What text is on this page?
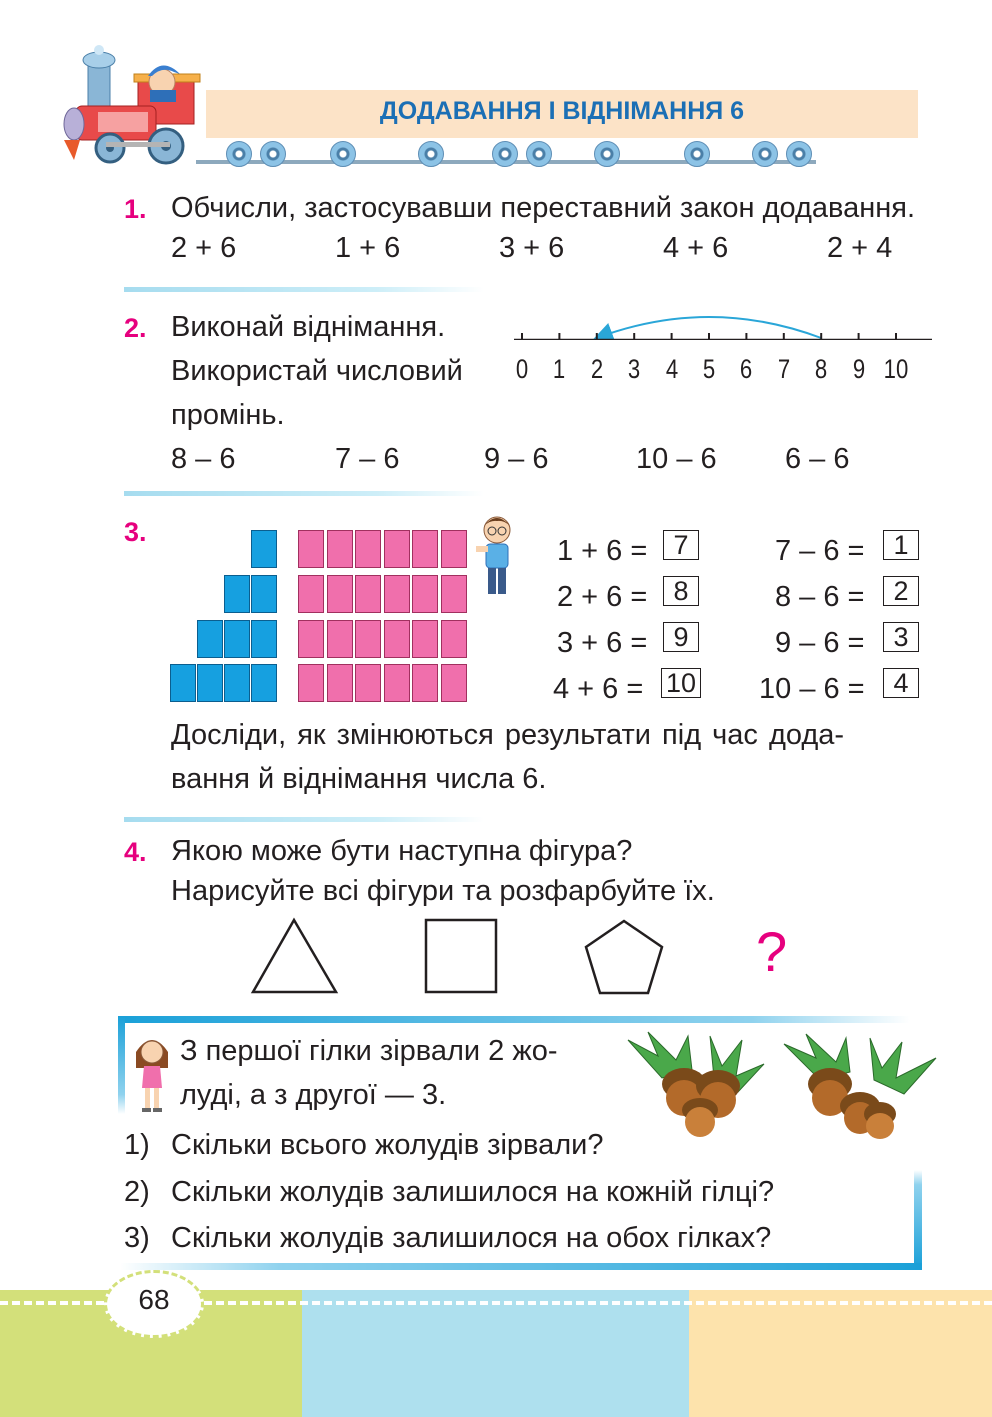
ДОДАВАННЯ І ВІДНІМАННЯ 6
1. Обчисли, застосувавши переставний закон додавання.
2 + 6	1 + 6	3 + 6	4 + 6	2 + 4
2. Виконай віднімання.
Використай числовий
промінь.
0 1 2 3 4 5 6 7 8 9 10
8 – 6	7 – 6	9 – 6	10 – 6 6 – 6
3.
1 + 6 = 7
2 + 6 = 8
3 + 6 = 9
4 + 6 = 10
7 – 6 =	1
8 – 6 =	2
9 – 6 =	3
10 – 6 =	4
Досліди, як змінюються результати під час дода-
вання й віднімання числа 6.
4. Якою може бути наступна фігура?
Нарисуйте всі фігури та розфарбуйте їх.
?
З першої гілки зірвали 2 жо-
луді, а з другої — 3.
1) Скільки всього жолудів зірвали?
2) Скільки жолудів залишилося на кожній гілці?
3) Скільки жолудів залишилося на обох гілках?
68
